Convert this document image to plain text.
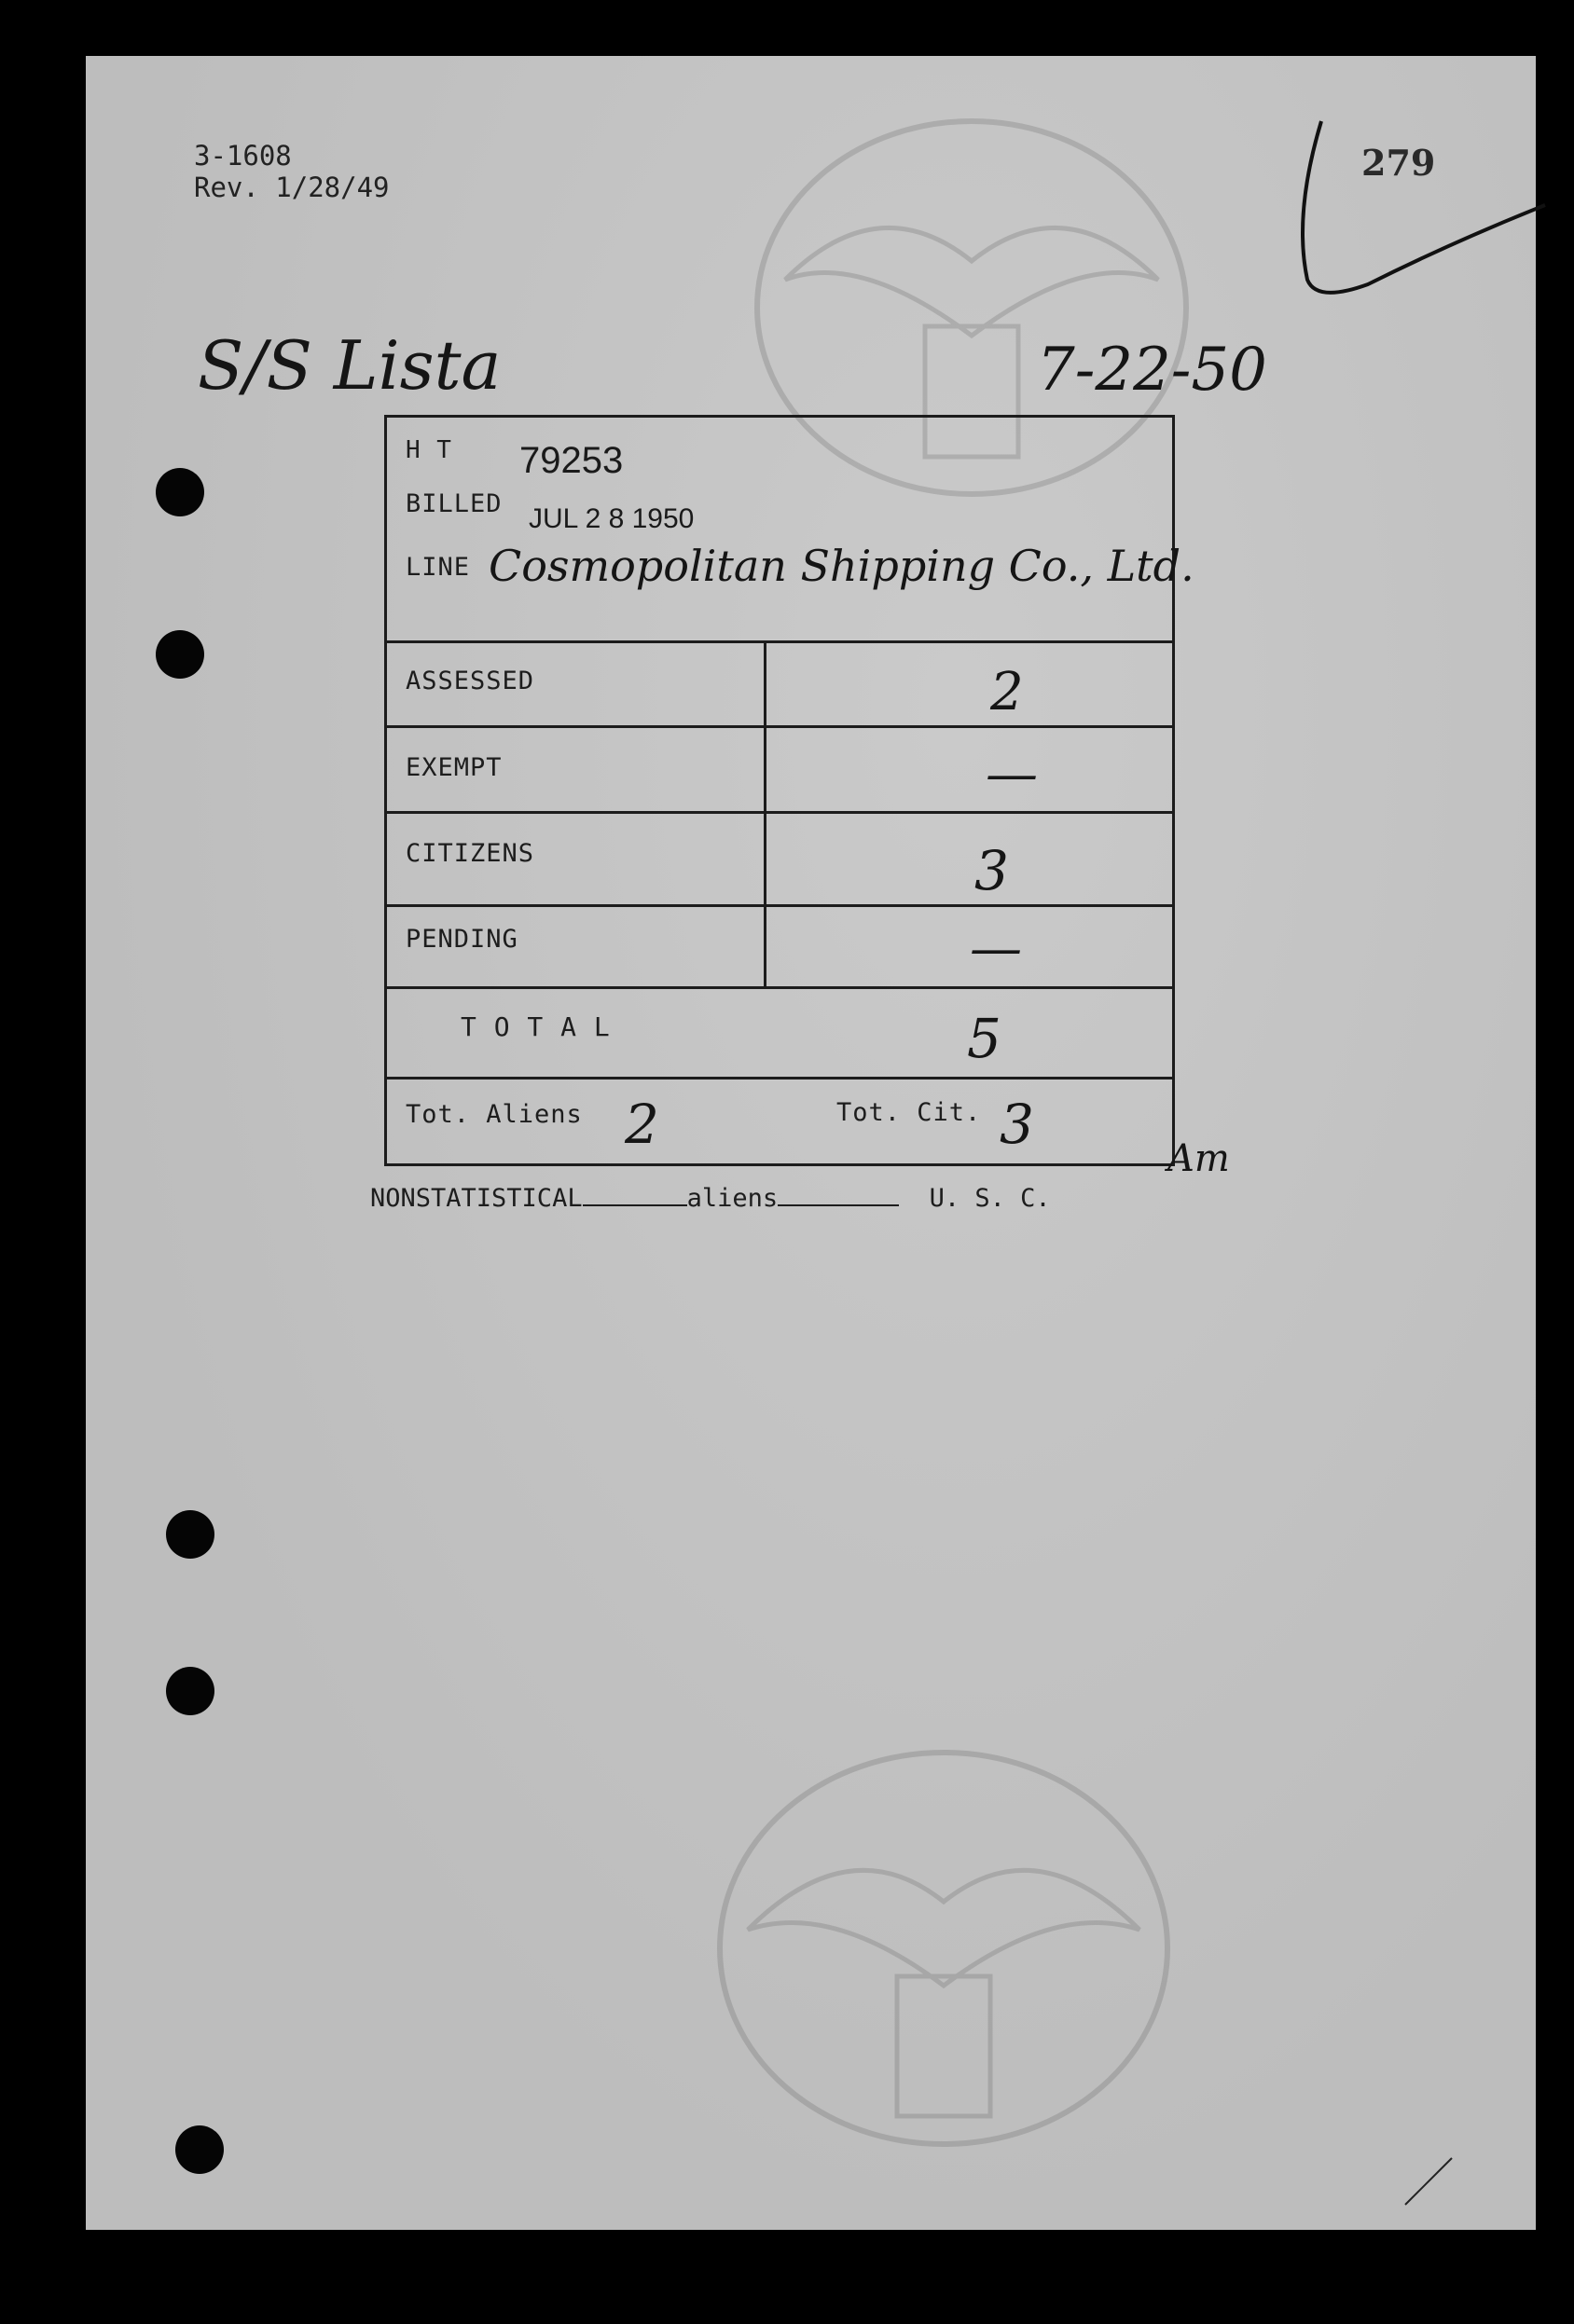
3-1608
Rev. 1/28/49
279
S/S Lista	7-22-50
H T 79253
BILLED JUL 2 8 1950
LINE Cosmopolitan Shipping Co., Ltd.
ASSESSED	2
EXEMPT	—
CITIZENS	3
PENDING	—
T O T A L	5
Tot. Aliens 2	Tot. Cit. 3
Am
NONSTATISTICAL	aliens	U. S. C.
